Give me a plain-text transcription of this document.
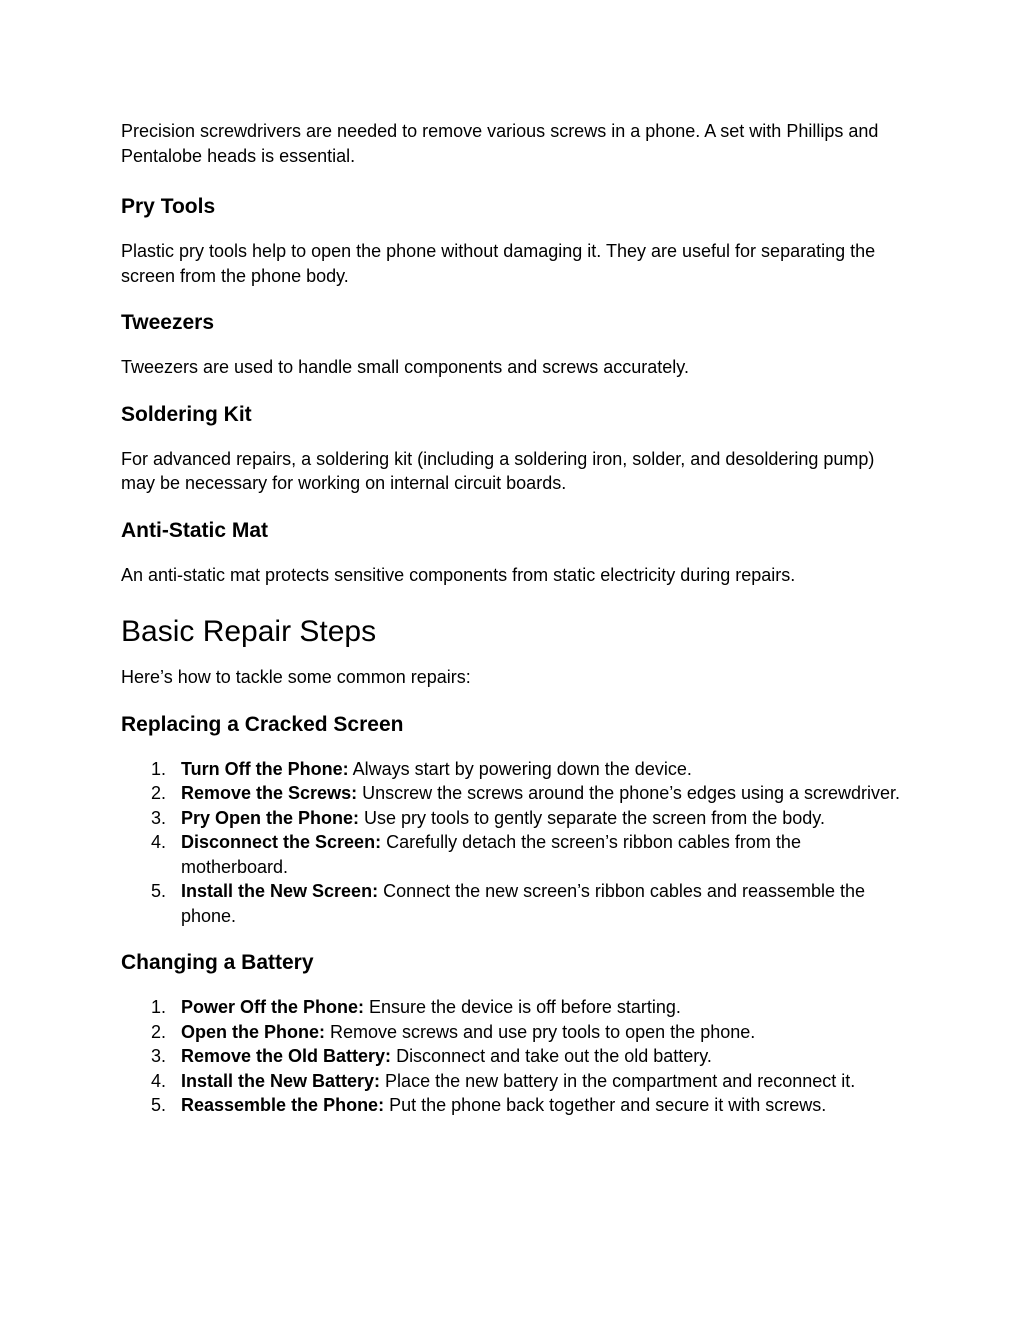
Precision screwdrivers are needed to remove various screws in a phone. A set with Phillips and Pentalobe heads is essential.

Pry Tools

Plastic pry tools help to open the phone without damaging it. They are useful for separating the screen from the phone body.

Tweezers

Tweezers are used to handle small components and screws accurately.

Soldering Kit

For advanced repairs, a soldering kit (including a soldering iron, solder, and desoldering pump) may be necessary for working on internal circuit boards.

Anti-Static Mat

An anti-static mat protects sensitive components from static electricity during repairs.

Basic Repair Steps

Here’s how to tackle some common repairs:

Replacing a Cracked Screen
1. Turn Off the Phone: Always start by powering down the device.
2. Remove the Screws: Unscrew the screws around the phone’s edges using a screwdriver.
3. Pry Open the Phone: Use pry tools to gently separate the screen from the body.
4. Disconnect the Screen: Carefully detach the screen’s ribbon cables from the motherboard.
5. Install the New Screen: Connect the new screen’s ribbon cables and reassemble the phone.
Changing a Battery
1. Power Off the Phone: Ensure the device is off before starting.
2. Open the Phone: Remove screws and use pry tools to open the phone.
3. Remove the Old Battery: Disconnect and take out the old battery.
4. Install the New Battery: Place the new battery in the compartment and reconnect it.
5. Reassemble the Phone: Put the phone back together and secure it with screws.
